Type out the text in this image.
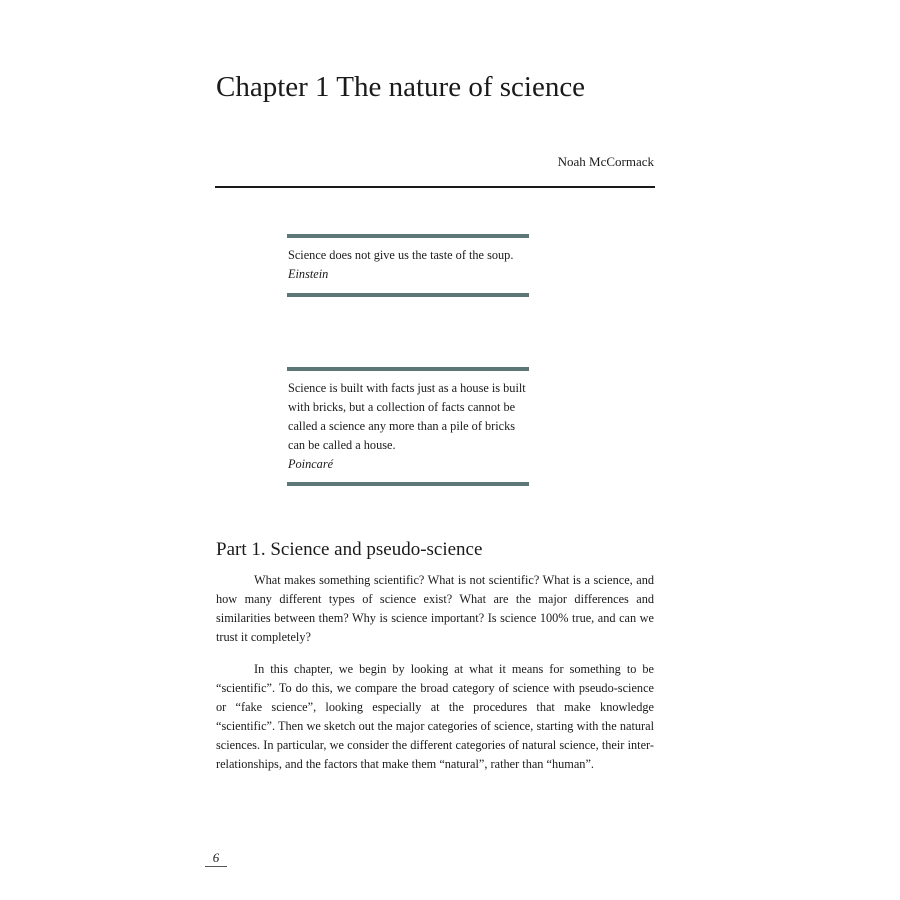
Chapter 1 The nature of science
Noah McCormack
Science does not give us the taste of the soup.
Einstein
Science is built with facts just as a house is built with bricks, but a collection of facts cannot be called a science any more than a pile of bricks can be called a house.
Poincaré
Part 1. Science and pseudo-science

What makes something scientific? What is not scientific? What is a science, and how many different types of science exist? What are the major differences and similarities between them? Why is science important? Is science 100% true, and can we trust it completely?

In this chapter, we begin by looking at what it means for something to be “scientific”. To do this, we compare the broad category of science with pseudo-science or “fake science”, looking especially at the procedures that make knowledge “scientific”. Then we sketch out the major categories of science, starting with the natural sciences. In particular, we consider the different categories of natural science, their inter-relationships, and the factors that make them “natural”, rather than “human”.

6
